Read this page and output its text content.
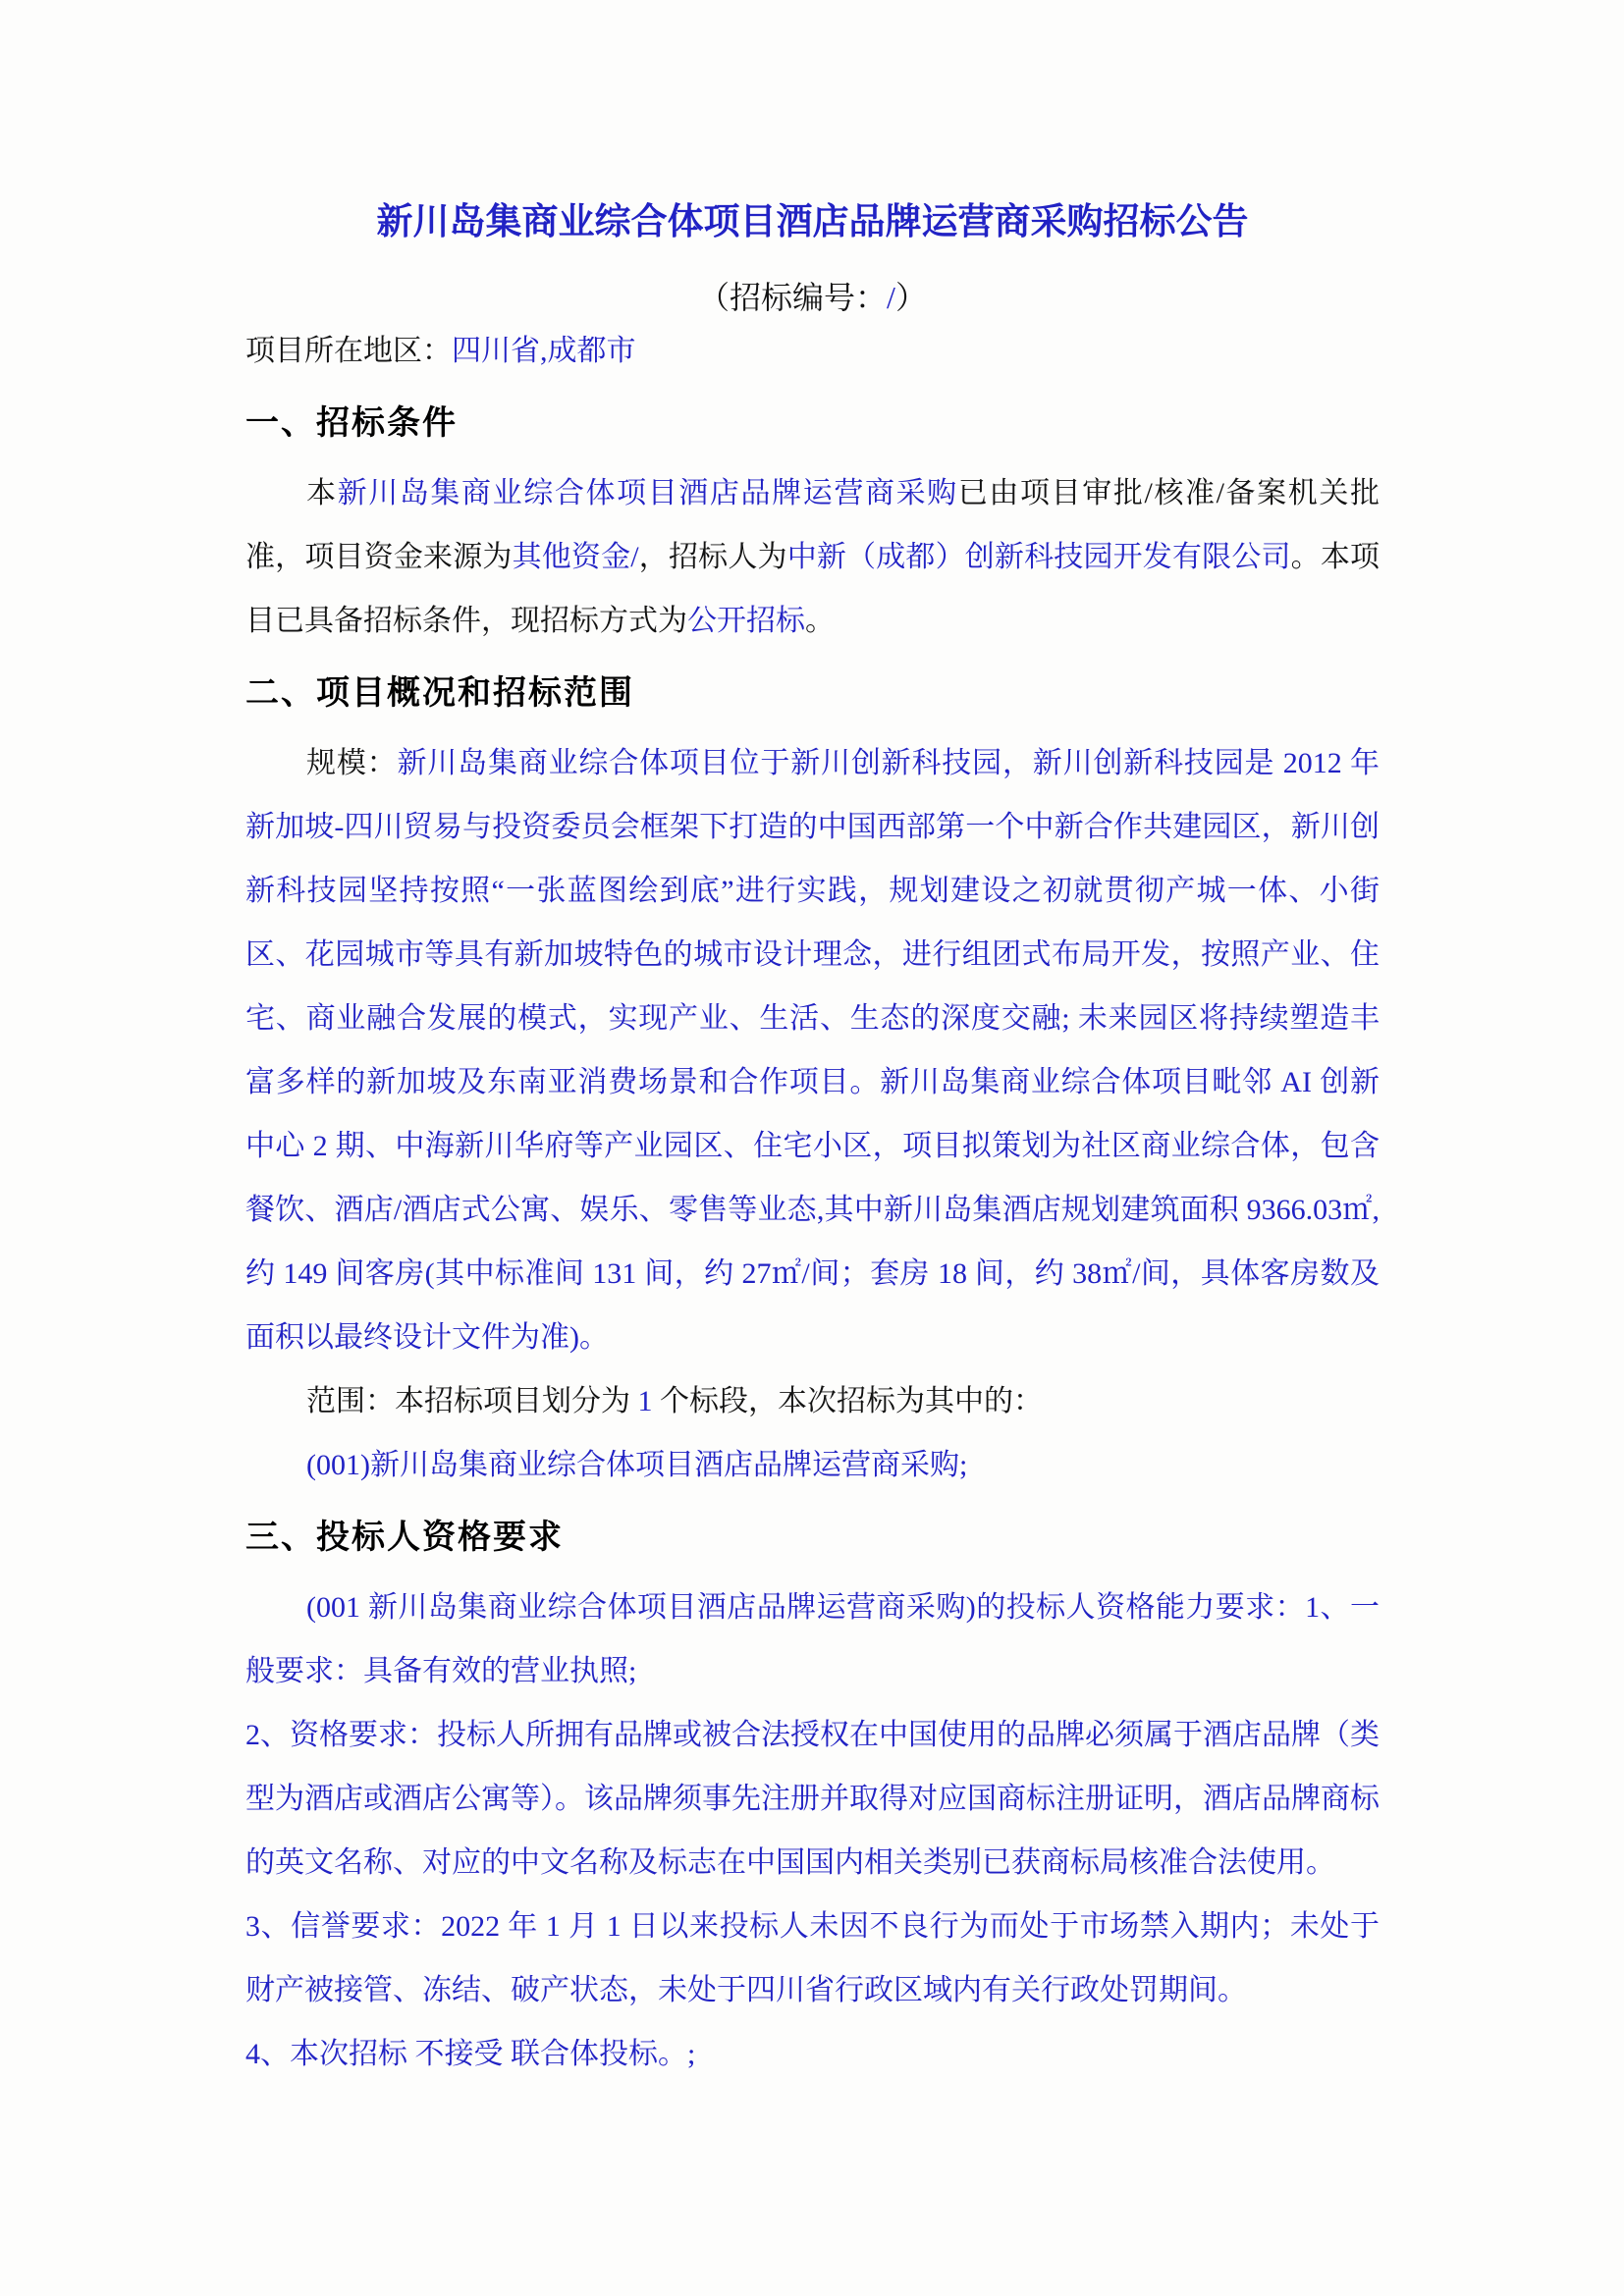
新川岛集商业综合体项目酒店品牌运营商采购招标公告

（招标编号：/）

项目所在地区：四川省,成都市

一、招标条件

本新川岛集商业综合体项目酒店品牌运营商采购已由项目审批/核准/备案机关批准，项目资金来源为其他资金/，招标人为中新（成都）创新科技园开发有限公司。本项目已具备招标条件，现招标方式为公开招标。

二、项目概况和招标范围

规模：新川岛集商业综合体项目位于新川创新科技园，新川创新科技园是 2012 年新加坡-四川贸易与投资委员会框架下打造的中国西部第一个中新合作共建园区，新川创新科技园坚持按照“一张蓝图绘到底”进行实践，规划建设之初就贯彻产城一体、小街区、花园城市等具有新加坡特色的城市设计理念，进行组团式布局开发，按照产业、住宅、商业融合发展的模式，实现产业、生活、生态的深度交融; 未来园区将持续塑造丰富多样的新加坡及东南亚消费场景和合作项目。新川岛集商业综合体项目毗邻 AI 创新中心 2 期、中海新川华府等产业园区、住宅小区，项目拟策划为社区商业综合体，包含餐饮、酒店/酒店式公寓、娱乐、零售等业态,其中新川岛集酒店规划建筑面积 9366.03㎡,约 149 间客房(其中标准间 131 间，约 27㎡/间；套房 18 间，约 38㎡/间，具体客房数及面积以最终设计文件为准)。

范围：本招标项目划分为 1 个标段，本次招标为其中的：

(001)新川岛集商业综合体项目酒店品牌运营商采购;

三、投标人资格要求

(001 新川岛集商业综合体项目酒店品牌运营商采购)的投标人资格能力要求：1、一般要求：具备有效的营业执照;

2、资格要求：投标人所拥有品牌或被合法授权在中国使用的品牌必须属于酒店品牌（类型为酒店或酒店公寓等）。该品牌须事先注册并取得对应国商标注册证明，酒店品牌商标的英文名称、对应的中文名称及标志在中国国内相关类别已获商标局核准合法使用。

3、信誉要求：2022 年 1 月 1 日以来投标人未因不良行为而处于市场禁入期内；未处于财产被接管、冻结、破产状态，未处于四川省行政区域内有关行政处罚期间。

4、本次招标 不接受 联合体投标。;
